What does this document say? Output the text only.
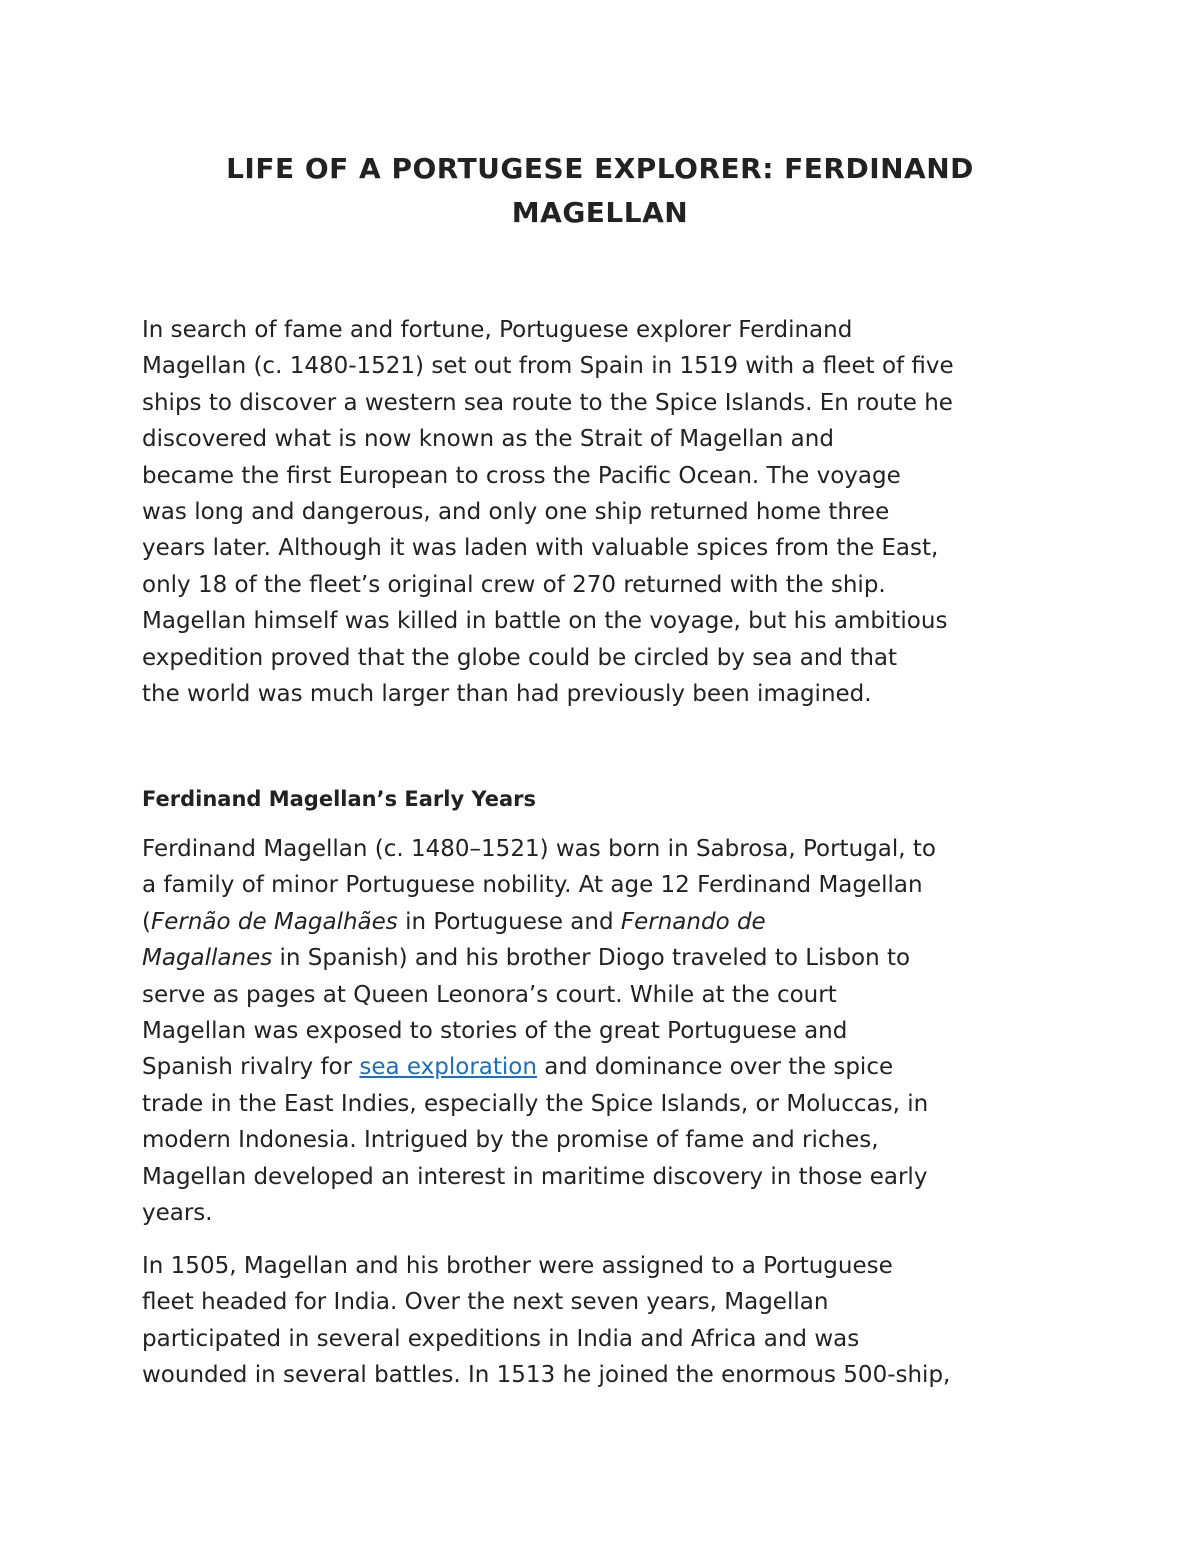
LIFE OF A PORTUGESE EXPLORER: FERDINAND
MAGELLAN

In search of fame and fortune, Portuguese explorer Ferdinand
Magellan (c. 1480-1521) set out from Spain in 1519 with a fleet of five
ships to discover a western sea route to the Spice Islands. En route he
discovered what is now known as the Strait of Magellan and
became the first European to cross the Pacific Ocean. The voyage
was long and dangerous, and only one ship returned home three
years later. Although it was laden with valuable spices from the East,
only 18 of the fleet’s original crew of 270 returned with the ship.
Magellan himself was killed in battle on the voyage, but his ambitious
expedition proved that the globe could be circled by sea and that
the world was much larger than had previously been imagined.

Ferdinand Magellan’s Early Years

Ferdinand Magellan (c. 1480–1521) was born in Sabrosa, Portugal, to
a family of minor Portuguese nobility. At age 12 Ferdinand Magellan
(Fernão de Magalhães in Portuguese and Fernando de
Magallanes in Spanish) and his brother Diogo traveled to Lisbon to
serve as pages at Queen Leonora’s court. While at the court
Magellan was exposed to stories of the great Portuguese and
Spanish rivalry for sea exploration and dominance over the spice
trade in the East Indies, especially the Spice Islands, or Moluccas, in
modern Indonesia. Intrigued by the promise of fame and riches,
Magellan developed an interest in maritime discovery in those early
years.

In 1505, Magellan and his brother were assigned to a Portuguese
fleet headed for India. Over the next seven years, Magellan
participated in several expeditions in India and Africa and was
wounded in several battles. In 1513 he joined the enormous 500-ship,
